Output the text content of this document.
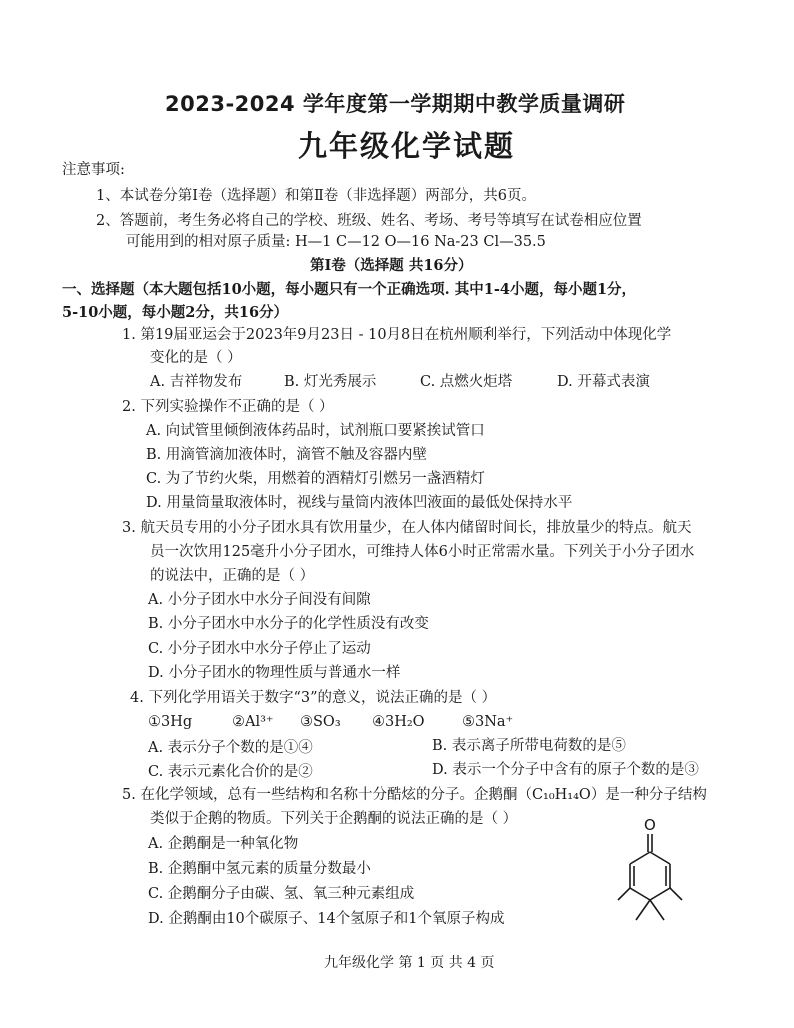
2023-2024 学年度第一学期期中教学质量调研
九年级化学试题
注意事项:
1、本试卷分第Ⅰ卷（选择题）和第Ⅱ卷（非选择题）两部分，共6页。
2、答题前，考生务必将自己的学校、班级、姓名、考场、考号等填写在试卷相应位置
可能用到的相对原子质量: H—1 C—12 O—16 Na-23 Cl—35.5
第Ⅰ卷（选择题 共16分）
一、选择题（本大题包括10小题，每小题只有一个正确选项. 其中1-4小题，每小题1分，
5-10小题，每小题2分，共16分）
1. 第19届亚运会于2023年9月23日 - 10月8日在杭州顺利举行，下列活动中体现化学
变化的是（ ）
A. 吉祥物发布	B. 灯光秀展示	C. 点燃火炬塔	D. 开幕式表演
2. 下列实验操作不正确的是（ ）
A. 向试管里倾倒液体药品时，试剂瓶口要紧挨试管口
B. 用滴管滴加液体时，滴管不触及容器内壁
C. 为了节约火柴，用燃着的酒精灯引燃另一盏酒精灯
D. 用量筒量取液体时，视线与量筒内液体凹液面的最低处保持水平
3. 航天员专用的小分子团水具有饮用量少，在人体内储留时间长，排放量少的特点。航天
员一次饮用125毫升小分子团水，可维持人体6小时正常需水量。下列关于小分子团水
的说法中，正确的是（ ）
A. 小分子团水中水分子间没有间隙
B. 小分子团水中水分子的化学性质没有改变
C. 小分子团水中水分子停止了运动
D. 小分子团水的物理性质与普通水一样
4. 下列化学用语关于数字“3”的意义，说法正确的是（ ）
①3Hg	②Al³⁺ ③SO₃ ④3H₂O	⑤3Na⁺
A. 表示分子个数的是①④	B. 表示离子所带电荷数的是⑤
C. 表示元素化合价的是②	D. 表示一个分子中含有的原子个数的是③
5. 在化学领域，总有一些结构和名称十分酷炫的分子。企鹅酮（C₁₀H₁₄O）是一种分子结构
类似于企鹅的物质。下列关于企鹅酮的说法正确的是（ ）
A. 企鹅酮是一种氧化物
B. 企鹅酮中氢元素的质量分数最小
C. 企鹅酮分子由碳、氢、氧三种元素组成
D. 企鹅酮由10个碳原子、14个氢原子和1个氧原子构成
O
九年级化学 第 1 页 共 4 页
